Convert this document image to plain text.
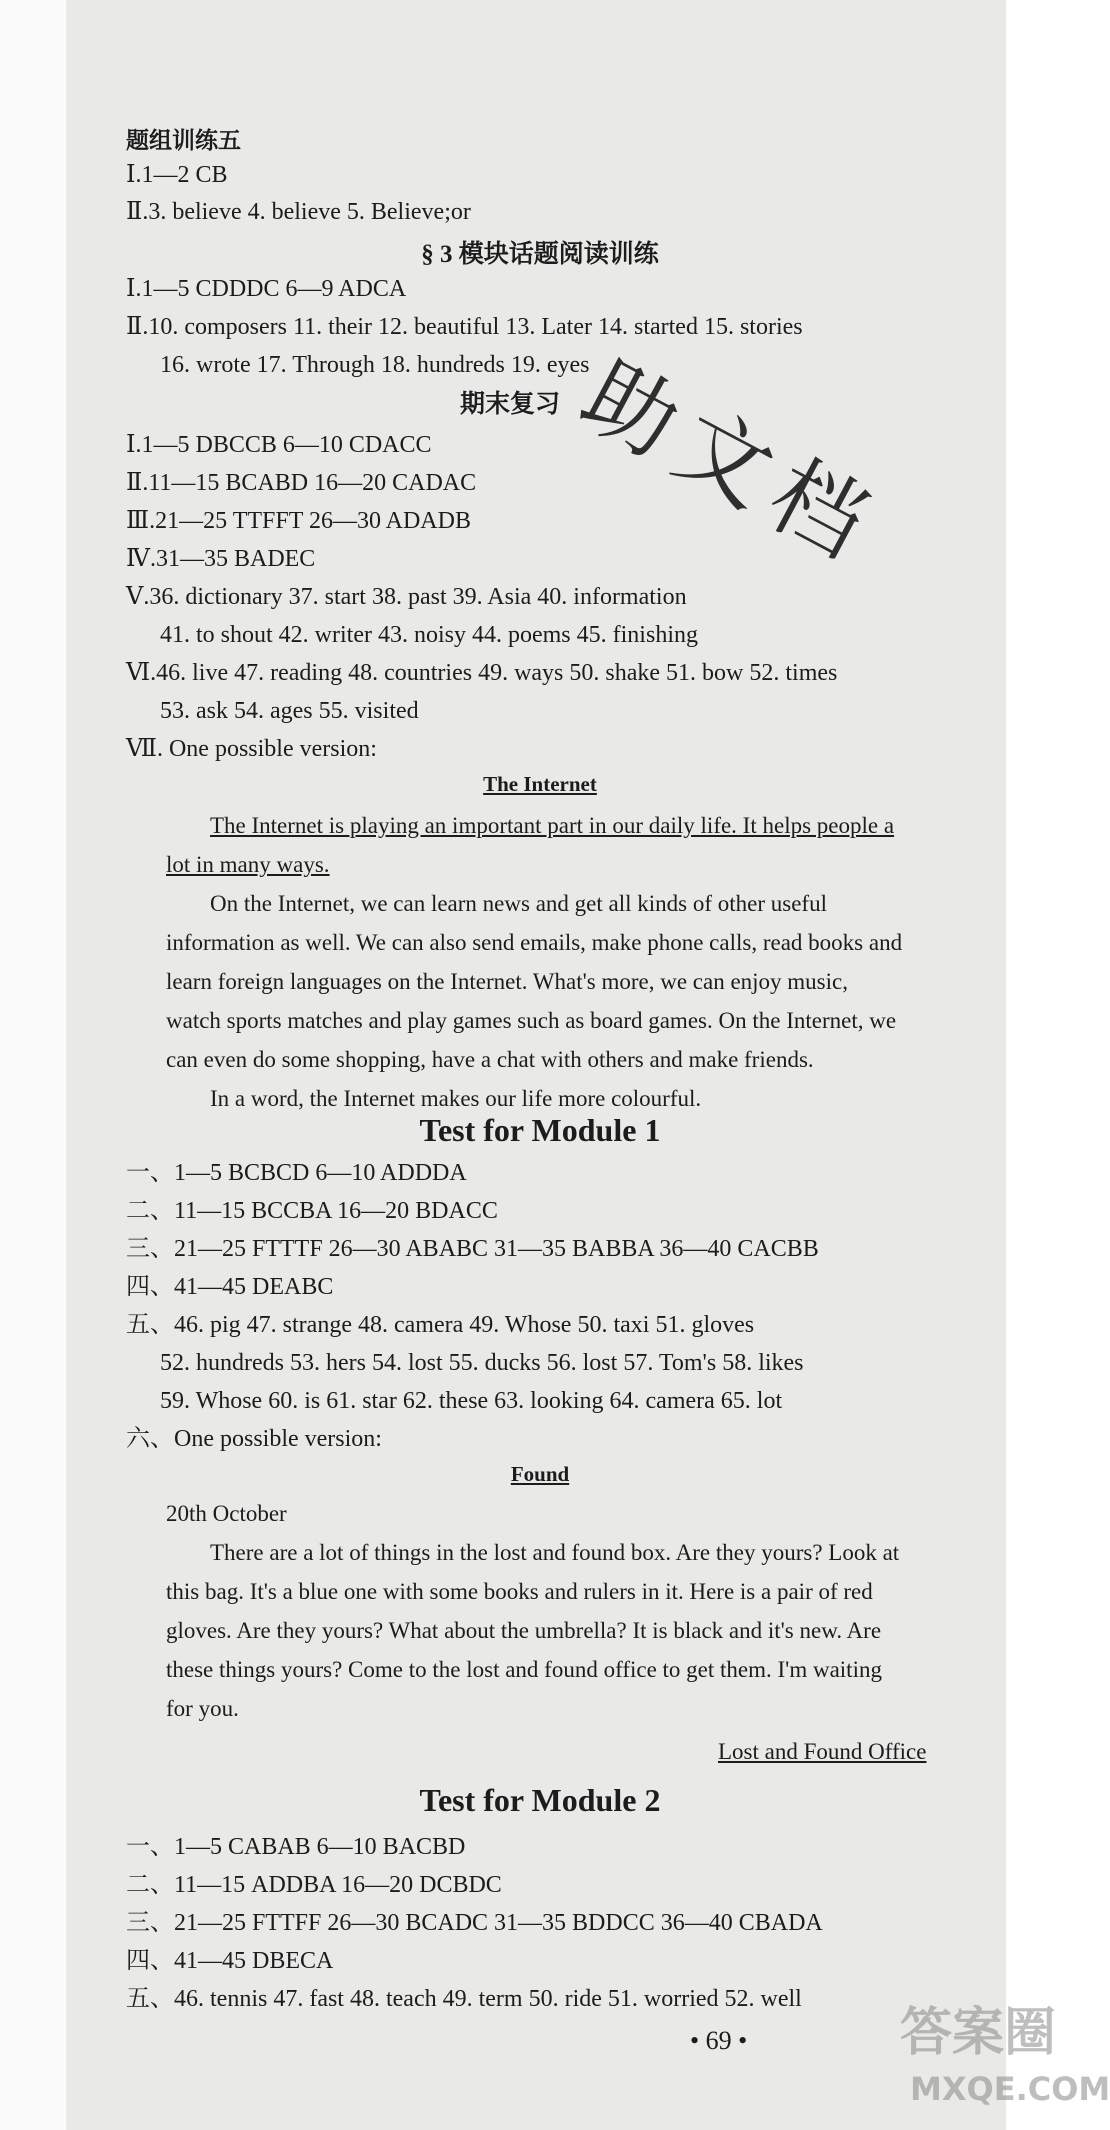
题组训练五
Ⅰ.1—2 CB
Ⅱ.3. believe 4. believe 5. Believe;or
§ 3 模块话题阅读训练
Ⅰ.1—5 CDDDC 6—9 ADCA
Ⅱ.10. composers 11. their 12. beautiful 13. Later 14. started 15. stories
16. wrote 17. Through 18. hundreds 19. eyes
期末复习
Ⅰ.1—5 DBCCB 6—10 CDACC
Ⅱ.11—15 BCABD 16—20 CADAC
Ⅲ.21—25 TTFFT 26—30 ADADB
Ⅳ.31—35 BADEC
Ⅴ.36. dictionary 37. start 38. past 39. Asia 40. information
41. to shout 42. writer 43. noisy 44. poems 45. finishing
Ⅵ.46. live 47. reading 48. countries 49. ways 50. shake 51. bow 52. times
53. ask 54. ages 55. visited
Ⅶ. One possible version:
The Internet
The Internet is playing an important part in our daily life. It helps people a
lot in many ways.
On the Internet, we can learn news and get all kinds of other useful
information as well. We can also send emails, make phone calls, read books and
learn foreign languages on the Internet. What's more, we can enjoy music,
watch sports matches and play games such as board games. On the Internet, we
can even do some shopping, have a chat with others and make friends.
In a word, the Internet makes our life more colourful.
Test for Module 1
一、1—5 BCBCD 6—10 ADDDA
二、11—15 BCCBA 16—20 BDACC
三、21—25 FTTTF 26—30 ABABC 31—35 BABBA 36—40 CACBB
四、41—45 DEABC
五、46. pig 47. strange 48. camera 49. Whose 50. taxi 51. gloves
52. hundreds 53. hers 54. lost 55. ducks 56. lost 57. Tom's 58. likes
59. Whose 60. is 61. star 62. these 63. looking 64. camera 65. lot
六、One possible version:
Found
20th October
There are a lot of things in the lost and found box. Are they yours? Look at
this bag. It's a blue one with some books and rulers in it. Here is a pair of red
gloves. Are they yours? What about the umbrella? It is black and it's new. Are
these things yours? Come to the lost and found office to get them. I'm waiting
for you.
Lost and Found Office
Test for Module 2
一、1—5 CABAB 6—10 BACBD
二、11—15 ADDBA 16—20 DCBDC
三、21—25 FTTFF 26—30 BCADC 31—35 BDDCC 36—40 CBADA
四、41—45 DBECA
五、46. tennis 47. fast 48. teach 49. term 50. ride 51. worried 52. well
• 69 •
助文档
答案圈
MXQE.COM
